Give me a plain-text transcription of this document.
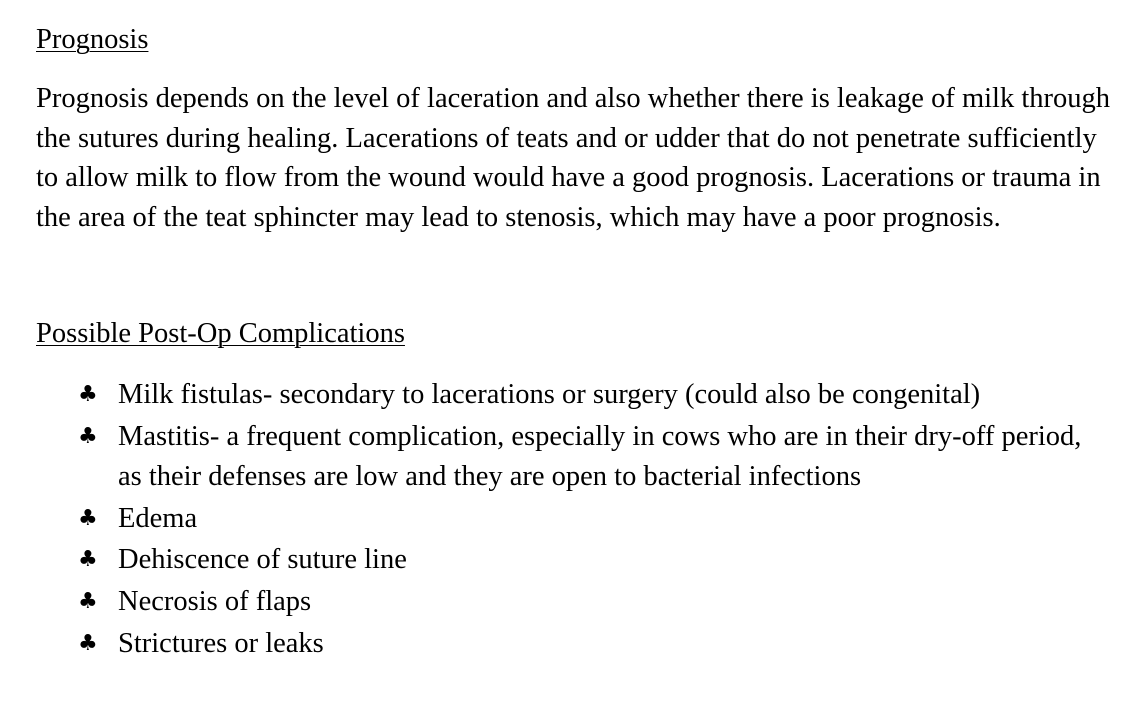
Prognosis

Prognosis depends on the level of laceration and also whether there is leakage of milk through the sutures during healing. Lacerations of teats and or udder that do not penetrate sufficiently to allow milk to flow from the wound would have a good prognosis. Lacerations or trauma in the area of the teat sphincter may lead to stenosis, which may have a poor prognosis.

Possible Post-Op Complications
♣ Milk fistulas- secondary to lacerations or surgery (could also be congenital)
♣ Mastitis- a frequent complication, especially in cows who are in their dry-off period, as their defenses are low and they are open to bacterial infections
♣ Edema
♣ Dehiscence of suture line
♣ Necrosis of flaps
♣ Strictures or leaks
